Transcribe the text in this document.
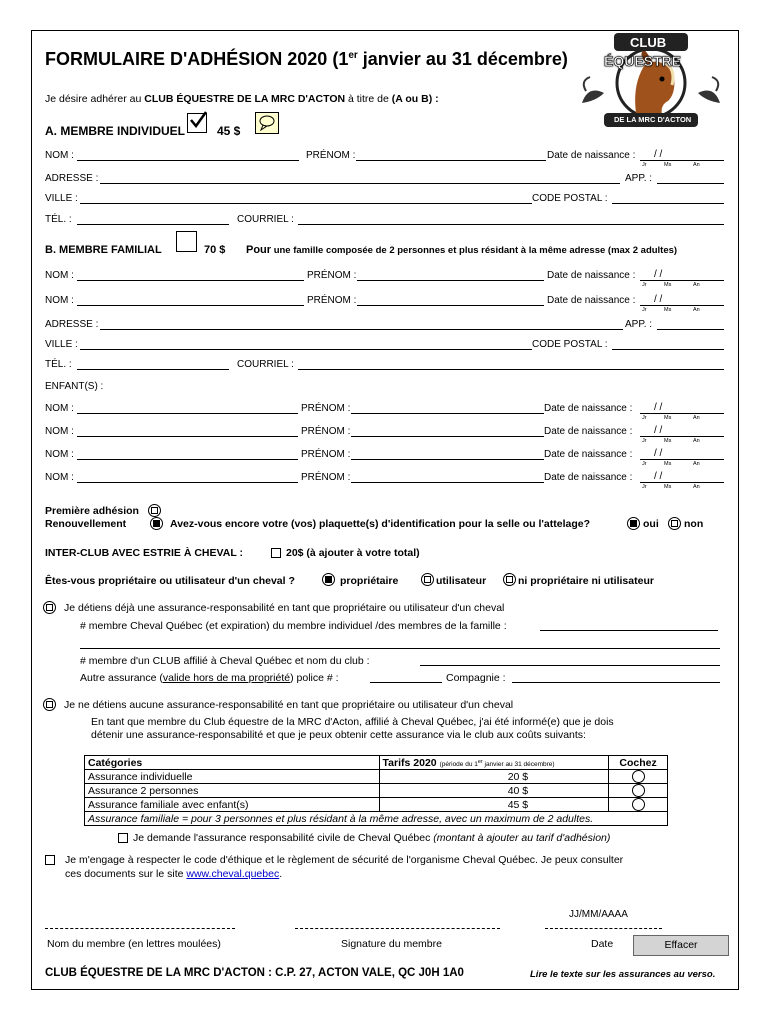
FORMULAIRE D'ADHÉSION 2020 (1er janvier au 31 décembre)
Je désire adhérer au CLUB ÉQUESTRE DE LA MRC D'ACTON à titre de (A ou B) :
CLUB
ÉQUESTRE
DE LA MRC D'ACTON
A. MEMBRE INDIVIDUEL	45 $
NOM :	PRÉNOM :	Date de naissance : / /
Jr	Ms	An
ADRESSE :	APP. :
VILLE :	CODE POSTAL :
TÉL. :	COURRIEL :
B. MEMBRE FAMILIAL	70 $ Pour une famille composée de 2 personnes et plus résidant à la même adresse (max 2 adultes)
NOM :	PRÉNOM :	Date de naissance : / /
Jr	Ms	An
NOM :	PRÉNOM :	Date de naissance : / /
Jr	Ms	An
ADRESSE :	APP. :
VILLE :	CODE POSTAL :
TÉL. :	COURRIEL :
ENFANT(S) :
NOM :	PRÉNOM :	Date de naissance : / /
Jr	Ms	An
NOM :	PRÉNOM :	Date de naissance : / /
Jr	Ms	An
NOM :	PRÉNOM :	Date de naissance : / /
Jr	Ms	An
NOM :	PRÉNOM :	Date de naissance : / /
Jr	Ms	An
Première adhésion
Renouvellement	Avez-vous encore votre (vos) plaquette(s) d'identification pour la selle ou l'attelage?	oui non
INTER-CLUB AVEC ESTRIE À CHEVAL :	20$ (à ajouter à votre total)
Êtes-vous propriétaire ou utilisateur d'un cheval ?	propriétaire	utilisateur	ni propriétaire ni utilisateur
Je détiens déjà une assurance-responsabilité en tant que propriétaire ou utilisateur d'un cheval
# membre Cheval Québec (et expiration) du membre individuel /des membres de la famille :
# membre d'un CLUB affilié à Cheval Québec et nom du club :
Autre assurance (valide hors de ma propriété) police # :	Compagnie :
Je ne détiens aucune assurance-responsabilité en tant que propriétaire ou utilisateur d'un cheval
En tant que membre du Club équestre de la MRC d'Acton, affilié à Cheval Québec, j'ai été informé(e) que je dois
détenir une assurance-responsabilité et que je peux obtenir cette assurance via le club aux coûts suivants:
Catégories	Tarifs 2020 (période du 1er janvier au 31 décembre)	Cochez
Assurance individuelle	20 $	
Assurance 2 personnes	40 $	
Assurance familiale avec enfant(s)	45 $	
Assurance familiale = pour 3 personnes et plus résidant à la même adresse, avec un maximum de 2 adultes.		
Je demande l'assurance responsabilité civile de Cheval Québec (montant à ajouter au tarif d'adhésion)
Je m'engage à respecter le code d'éthique et le règlement de sécurité de l'organisme Cheval Québec. Je peux consulter
ces documents sur le site www.cheval.quebec.
JJ/MM/AAAA
Nom du membre (en lettres moulées)	Signature du membre	Date	Effacer
CLUB ÉQUESTRE DE LA MRC D'ACTON : C.P. 27, ACTON VALE, QC J0H 1A0	Lire le texte sur les assurances au verso.
